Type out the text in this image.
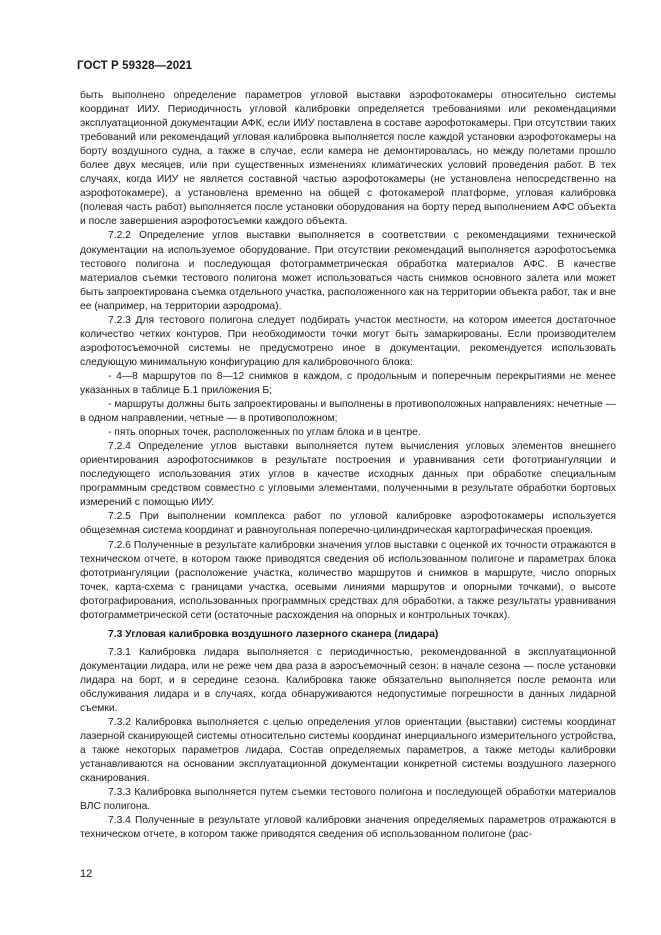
ГОСТ Р 59328—2021

быть выполнено определение параметров угловой выставки аэрофотокамеры относительно системы координат ИИУ. Периодичность угловой калибровки определяется требованиями или рекомендациями эксплуатационной документации АФК, если ИИУ поставлена в составе аэрофотокамеры. При отсутствии таких требований или рекомендаций угловая калибровка выполняется после каждой установки аэрофотокамеры на борту воздушного судна, а также в случае, если камера не демонтировалась, но между полетами прошло более двух месяцев, или при существенных изменениях климатических условий проведения работ. В тех случаях, когда ИИУ не является составной частью аэрофотокамеры (не установлена непосредственно на аэрофотокамере), а установлена временно на общей с фотокамерой платформе, угловая калибровка (полевая часть работ) выполняется после установки оборудования на борту перед выполнением АФС объекта и после завершения аэрофотосъемки каждого объекта.

7.2.2 Определение углов выставки выполняется в соответствии с рекомендациями технической документации на используемое оборудование. При отсутствии рекомендаций выполняется аэрофотосъемка тестового полигона и последующая фотограмметрическая обработка материалов АФС. В качестве материалов съемки тестового полигона может использоваться часть снимков основного залета или может быть запроектирована съемка отдельного участка, расположенного как на территории объекта работ, так и вне ее (например, на территории аэродрома).

7.2.3 Для тестового полигона следует подбирать участок местности, на котором имеется достаточное количество четких контуров. При необходимости точки могут быть замаркированы. Если производителем аэрофотосъемочной системы не предусмотрено иное в документации, рекомендуется использовать следующую минимальную конфигурацию для калибровочного блока:

- 4—8 маршрутов по 8—12 снимков в каждом, с продольным и поперечным перекрытиями не менее указанных в таблице Б.1 приложения Б;

- маршруты должны быть запроектированы и выполнены в противоположных направлениях: нечетные — в одном направлении, четные — в противоположном;

- пять опорных точек, расположенных по углам блока и в центре.

7.2.4 Определение углов выставки выполняется путем вычисления угловых элементов внешнего ориентирования аэрофотоснимков в результате построения и уравнивания сети фототриангуляции и последующего использования этих углов в качестве исходных данных при обработке специальным программным средством совместно с угловыми элементами, полученными в результате обработки бортовых измерений с помощью ИИУ.

7.2.5 При выполнении комплекса работ по угловой калибровке аэрофотокамеры используется общеземная система координат и равноугольная поперечно-цилиндрическая картографическая проекция.

7.2.6 Полученные в результате калибровки значения углов выставки с оценкой их точности отражаются в техническом отчете, в котором также приводятся сведения об использованном полигоне и параметрах блока фототриангуляции (расположение участка, количество маршрутов и снимков в маршруте, число опорных точек, карта-схема с границами участка, осевыми линиями маршрутов и опорными точками), о высоте фотографирования, использованных программных средствах для обработки, а также результаты уравнивания фотограмметрической сети (остаточные расхождения на опорных и контрольных точках).

7.3 Угловая калибровка воздушного лазерного сканера (лидара)

7.3.1 Калибровка лидара выполняется с периодичностью, рекомендованной в эксплуатационной документации лидара, или не реже чем два раза в аэросъемочный сезон: в начале сезона — после установки лидара на борт, и в середине сезона. Калибровка также обязательно выполняется после ремонта или обслуживания лидара и в случаях, когда обнаруживаются недопустимые погрешности в данных лидарной съемки.

7.3.2 Калибровка выполняется с целью определения углов ориентации (выставки) системы координат лазерной сканирующей системы относительно системы координат инерциального измерительного устройства, а также некоторых параметров лидара. Состав определяемых параметров, а также методы калибровки устанавливаются на основании эксплуатационной документации конкретной системы воздушного лазерного сканирования.

7.3.3 Калибровка выполняется путем съемки тестового полигона и последующей обработки материалов ВЛС полигона.

7.3.4 Полученные в результате угловой калибровки значения определяемых параметров отражаются в техническом отчете, в котором также приводятся сведения об использованном полигоне (рас-

12
